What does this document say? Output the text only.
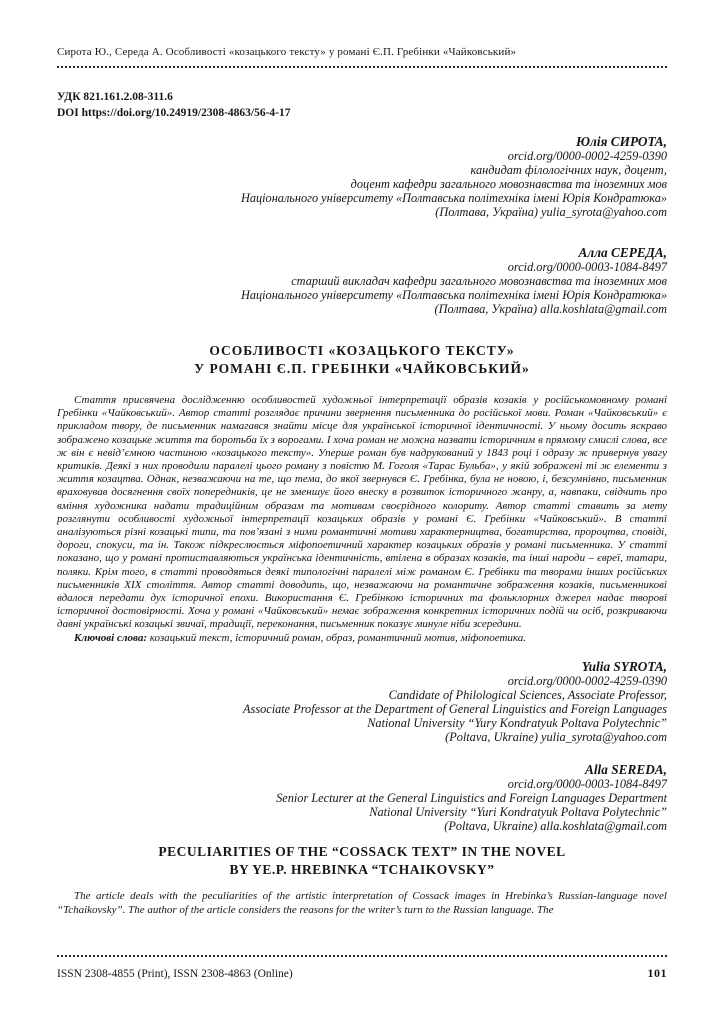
Сирота Ю., Середа А. Особливості «козацького тексту» у романі Є.П. Гребінки «Чайковський»
УДК 821.161.2.08-311.6
DOI https://doi.org/10.24919/2308-4863/56-4-17
Юлія СИРОТА,
orcid.org/0000-0002-4259-0390
кандидат філологічних наук, доцент,
доцент кафедри загального мовознавства та іноземних мов
Національного університету «Полтавська політехніка імені Юрія Кондратюка»
(Полтава, Україна) yulia_syrota@yahoo.com
Алла СЕРЕДА,
orcid.org/0000-0003-1084-8497
старший викладач кафедри загального мовознавства та іноземних мов
Національного університету «Полтавська політехніка імені Юрія Кондратюка»
(Полтава, Україна) alla.koshlata@gmail.com
ОСОБЛИВОСТІ «КОЗАЦЬКОГО ТЕКСТУ»
У РОМАНІ Є.П. ГРЕБІНКИ «ЧАЙКОВСЬКИЙ»

Стаття присвячена дослідженню особливостей художньої інтерпретації образів козаків у російськомовному романі Гребінки «Чайковський». Автор статті розглядає причини звернення письменника до російської мови. Роман «Чайковський» є прикладом твору, де письменник намагався знайти місце для української історичної ідентичності. У ньому досить яскраво зображено козацьке життя та боротьба їх з ворогами. І хоча роман не можна назвати історичним в прямому смислі слова, все ж він є невід’ємною частиною «козацького тексту». Уперше роман був надрукований у 1843 році і одразу ж привернув увагу критиків. Деякі з них проводили паралелі цього роману з повістю М. Гоголя «Тарас Бульба», у якій зображені ті ж елементи з життя козацтва. Однак, незважаючи на те, що тема, до якої звернувся Є. Гребінка, була не новою, і, безсумнівно, письменник враховував досягнення своїх попередників, це не зменшує його внеску в розвиток історичного жанру, а, навпаки, свідчить про вміння художника надати традиційним образам та мотивам своєрідного колориту. Автор статті ставить за мету розглянути особливості художньої інтерпретації козацьких образів у романі Є. Гребінки «Чайковський». В статті аналізуються різні козацькі типи, та пов’язані з ними романтичні мотиви характерництва, богатирства, пророцтва, сповіді, дороги, спокуси, та ін. Також підкреслюється міфопоетичний характер козацьких образів у романі письменника. У статті показано, що у романі протиставляються українська ідентичність, втілена в образах козаків, та інші народи – євреї, татари, поляки. Крім того, в статті проводяться деякі типологічні паралелі між романом Є. Гребінки та творами інших російських письменників XIX століття. Автор статті доводить, що, незважаючи на романтичне зображення козаків, письменникові вдалося передати дух історичної епохи. Використання Є. Гребінкою історичних та фольклорних джерел надає творові історичної достовірності. Хоча у романі «Чайковський» немає зображення конкретних історичних подій чи осіб, розкриваючи давні українські козацькі звичаї, традиції, переконання, письменник показує минуле ніби зсередини.

Ключові слова: козацький текст, історичний роман, образ, романтичний мотив, міфопоетика.

Yulia SYROTA,
orcid.org/0000-0002-4259-0390
Candidate of Philological Sciences, Associate Professor,
Associate Professor at the Department of General Linguistics and Foreign Languages
National University “Yury Kondratyuk Poltava Polytechnic”
(Poltava, Ukraine) yulia_syrota@yahoo.com
Alla SEREDA,
orcid.org/0000-0003-1084-8497
Senior Lecturer at the General Linguistics and Foreign Languages Department
National University “Yuri Kondratyuk Poltava Polytechnic”
(Poltava, Ukraine) alla.koshlata@gmail.com
PECULIARITIES OF THE “COSSACK TEXT” IN THE NOVEL
BY YE.P. HREBINKA “TCHAIKOVSKY”

The article deals with the peculiarities of the artistic interpretation of Cossack images in Hrebinka’s Russian-language novel “Tchaikovsky”. The author of the article considers the reasons for the writer’s turn to the Russian language. The

ISSN 2308-4855 (Print), ISSN 2308-4863 (Online)	101
